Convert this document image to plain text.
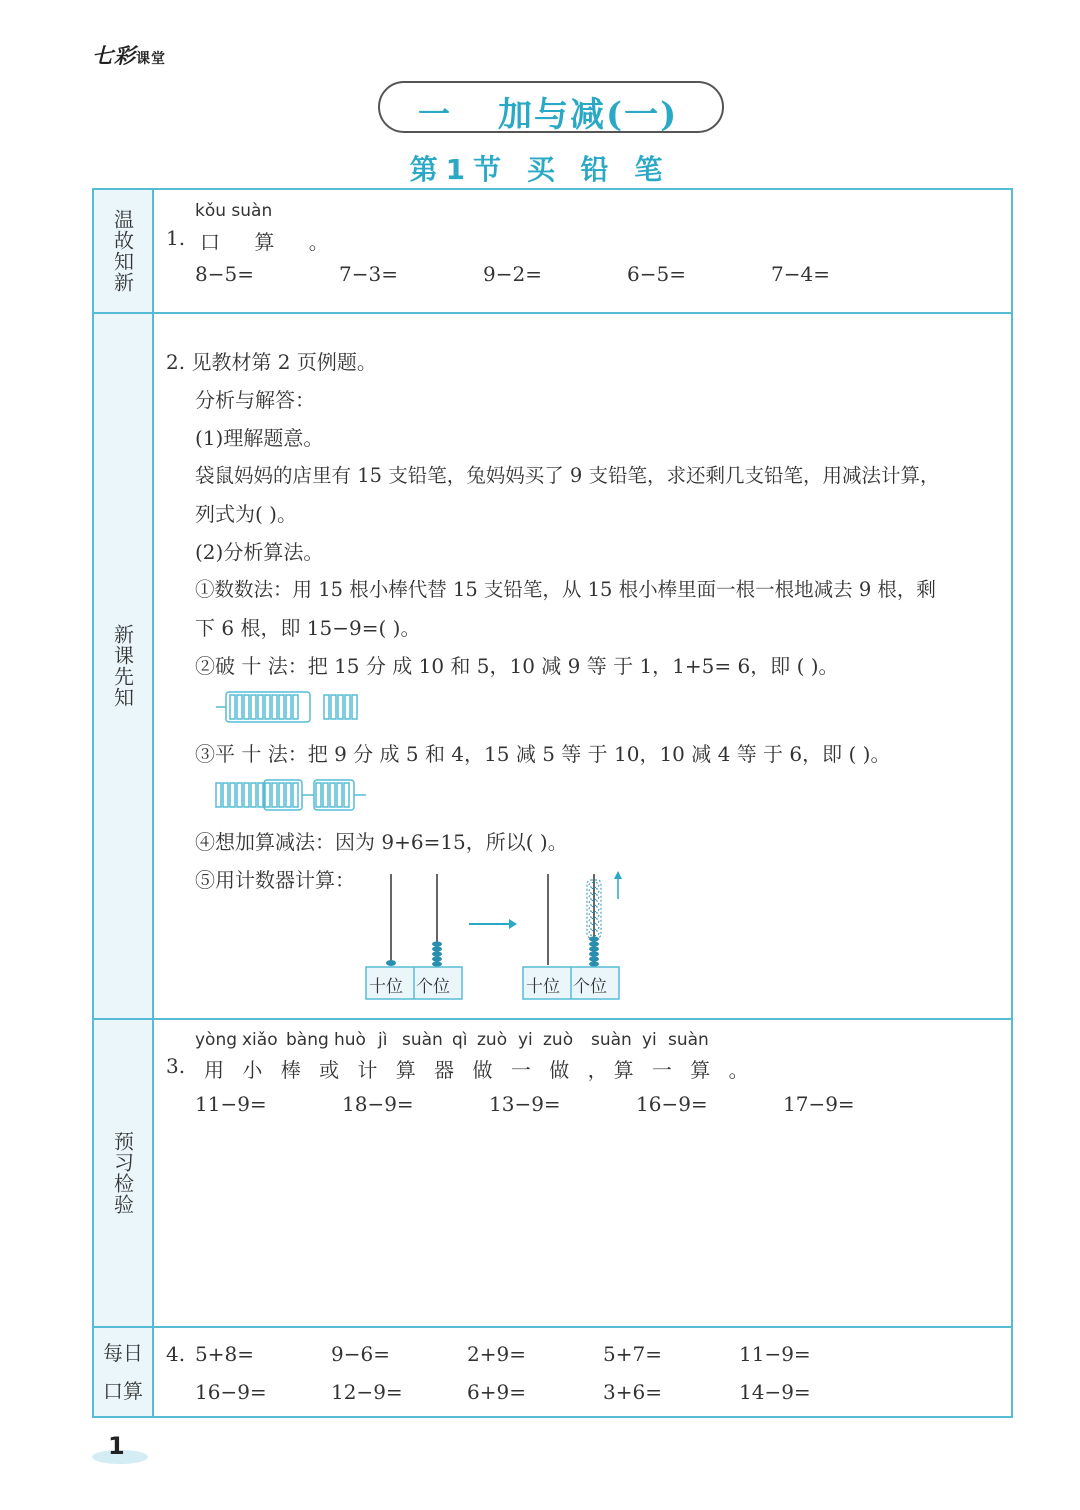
七彩课堂
一 加与减(一)
第1节 买 铅 笔
温故知新	kǒu suàn
1. 口 算 。
8−5=	7−3=	9−2=	6−5=	7−4=
新课先知
2. 见教材第 2 页例题。
分析与解答：
(1)理解题意。
袋鼠妈妈的店里有 15 支铅笔，兔妈妈买了 9 支铅笔，求还剩几支铅笔，用减法计算，
列式为( )。
(2)分析算法。
①数数法：用 15 根小棒代替 15 支铅笔，从 15 根小棒里面一根一根地减去 9 根，剩
下 6 根，即 15−9=( )。
②破 十 法：把 15 分 成 10 和 5，10 减 9 等 于 1，1+5= 6，即 ( )。
③平 十 法：把 9 分 成 5 和 4，15 减 5 等 于 10，10 减 4 等 于 6，即 ( )。
④想加算减法：因为 9+6=15，所以( )。
⑤用计数器计算：
十位 个位	十位 个位
预习检验
yòng xiǎo bàng huò jì suàn qì zuò yi zuò suàn yi suàn
3. 用 小 棒 或 计 算 器 做 一 做 ，算 一 算 。
11−9=	18−9=	13−9=	16−9=	17−9=
每日
口算
4. 5+8=	9−6=	2+9=	5+7=	11−9=
16−9=	12−9=	6+9=	3+6=	14−9=
1
